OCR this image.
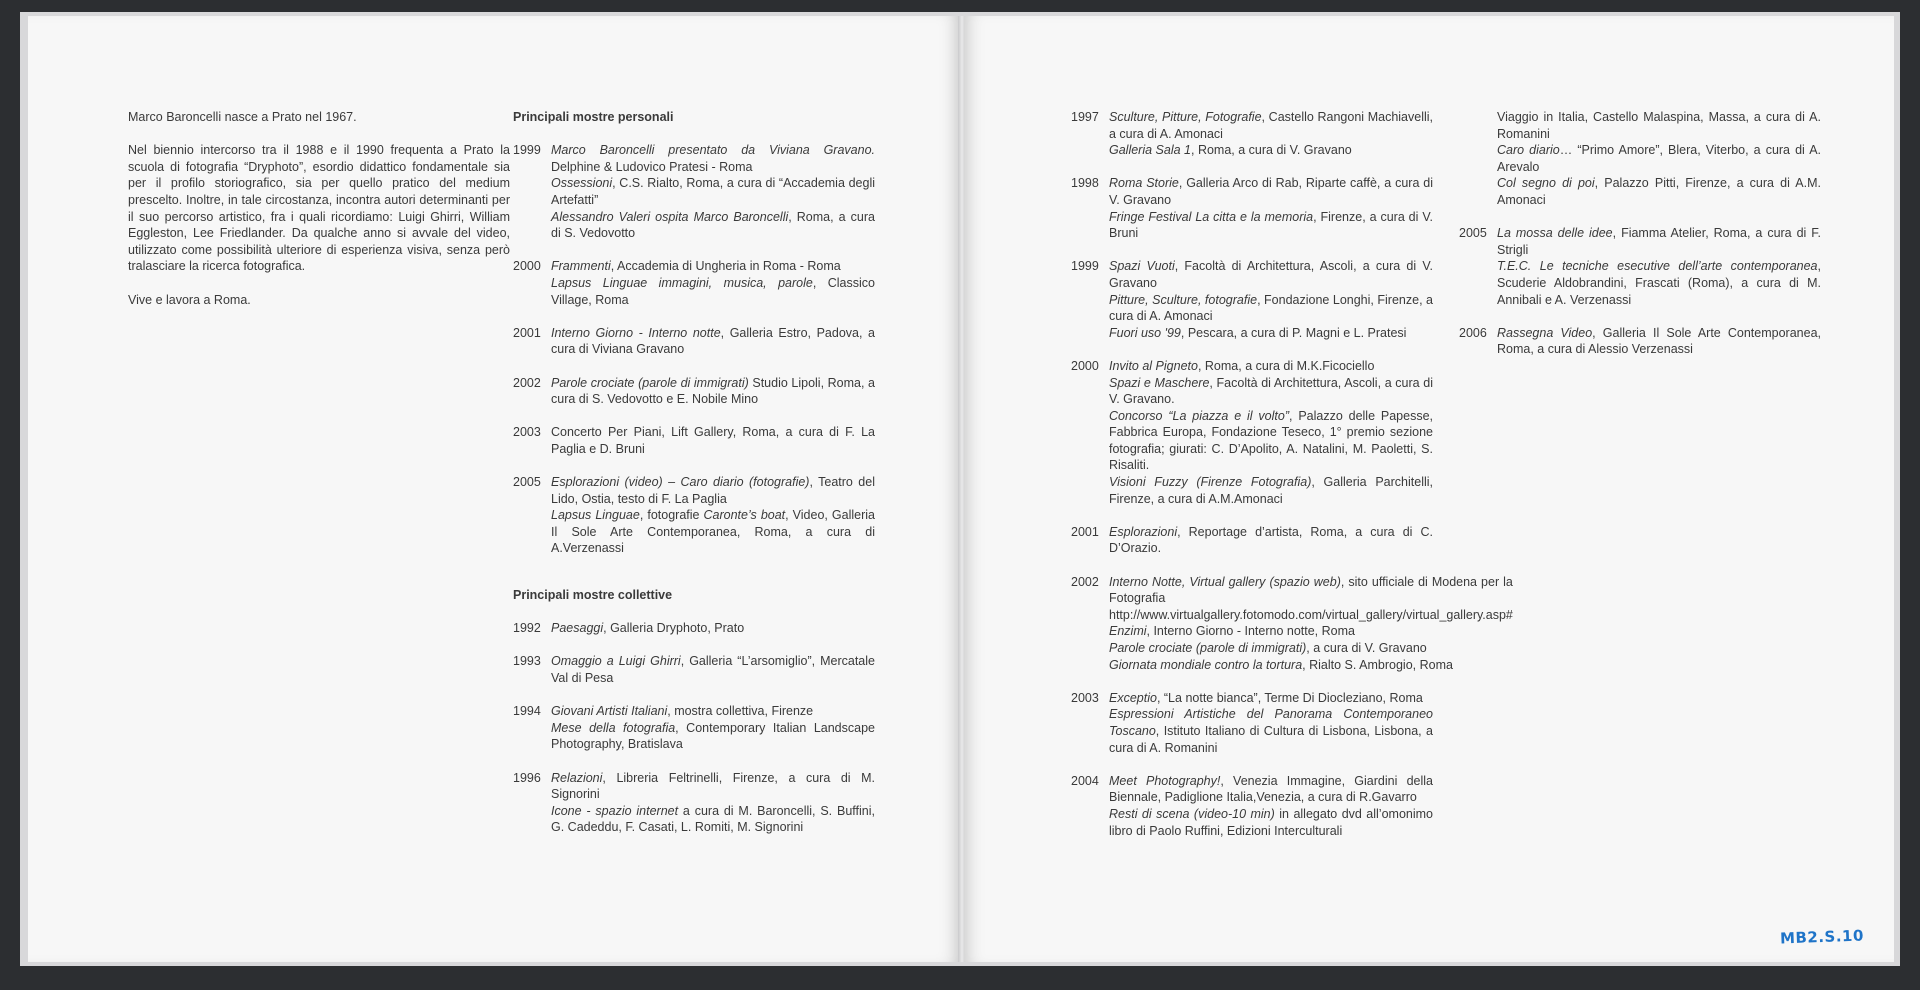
Marco Baroncelli nasce a Prato nel 1967.

Nel biennio intercorso tra il 1988 e il 1990 frequenta a Prato la scuola di fotografia “Dryphoto”, esordio didattico fondamentale sia per il profilo storiografico, sia per quello pratico del medium prescelto. Inoltre, in tale circostanza, incontra autori determinanti per il suo percorso artistico, fra i quali ricordiamo: Luigi Ghirri, William Eggleston, Lee Friedlander. Da qualche anno si avvale del video, utilizzato come possibilità ulteriore di esperienza visiva, senza però tralasciare la ricerca fotografica.

Vive e lavora a Roma.

Principali mostre personali
1999 Marco Baroncelli presentato da Viviana Gravano. Delphine & Ludovico Pratesi - Roma
Ossessioni, C.S. Rialto, Roma, a cura di “Accademia degli Artefatti”
Alessandro Valeri ospita Marco Baroncelli, Roma, a cura di S. Vedovotto
2000 Frammenti, Accademia di Ungheria in Roma - Roma
Lapsus Linguae immagini, musica, parole, Classico Village, Roma
2001 Interno Giorno - Interno notte, Galleria Estro, Padova, a cura di Viviana Gravano
2002 Parole crociate (parole di immigrati) Studio Lipoli, Roma, a cura di S. Vedovotto e E. Nobile Mino
2003 Concerto Per Piani, Lift Gallery, Roma, a cura di F. La Paglia e D. Bruni
2005 Esplorazioni (video) – Caro diario (fotografie), Teatro del Lido, Ostia, testo di F. La Paglia
Lapsus Linguae, fotografie Caronte’s boat, Video, Galleria Il Sole Arte Contemporanea, Roma, a cura di A.Verzenassi
Principali mostre collettive
1992 Paesaggi, Galleria Dryphoto, Prato
1993 Omaggio a Luigi Ghirri, Galleria “L’arsomiglio”, Mercatale Val di Pesa
1994 Giovani Artisti Italiani, mostra collettiva, Firenze
Mese della fotografia, Contemporary Italian Landscape Photography, Bratislava
1996 Relazioni, Libreria Feltrinelli, Firenze, a cura di M. Signorini
Icone - spazio internet a cura di M. Baroncelli, S. Buffini, G. Cadeddu, F. Casati, L. Romiti, M. Signorini
1997 Sculture, Pitture, Fotografie, Castello Rangoni Machiavelli, a cura di A. Amonaci
Galleria Sala 1, Roma, a cura di V. Gravano
1998 Roma Storie, Galleria Arco di Rab, Riparte caffè, a cura di V. Gravano
Fringe Festival La citta e la memoria, Firenze, a cura di V. Bruni
1999 Spazi Vuoti, Facoltà di Architettura, Ascoli, a cura di V. Gravano
Pitture, Sculture, fotografie, Fondazione Longhi, Firenze, a cura di A. Amonaci
Fuori uso '99, Pescara, a cura di P. Magni e L. Pratesi
2000 Invito al Pigneto, Roma, a cura di M.K.Ficociello
Spazi e Maschere, Facoltà di Architettura, Ascoli, a cura di V. Gravano.
Concorso “La piazza e il volto”, Palazzo delle Papesse, Fabbrica Europa, Fondazione Teseco, 1° premio sezione fotografia; giurati: C. D’Apolito, A. Natalini, M. Paoletti, S. Risaliti.
Visioni Fuzzy (Firenze Fotografia), Galleria Parchitelli, Firenze, a cura di A.M.Amonaci
2001 Esplorazioni, Reportage d’artista, Roma, a cura di C. D’Orazio.
2002 Interno Notte, Virtual gallery (spazio web), sito ufficiale di Modena per la Fotografia http://www.virtualgallery.fotomodo.com/virtual_gallery/virtual_gallery.asp#
Enzimi, Interno Giorno - Interno notte, Roma
Parole crociate (parole di immigrati), a cura di V. Gravano
Giornata mondiale contro la tortura, Rialto S. Ambrogio, Roma
2003 Exceptio, “La notte bianca”, Terme Di Diocleziano, Roma
Espressioni Artistiche del Panorama Contemporaneo Toscano, Istituto Italiano di Cultura di Lisbona, Lisbona, a cura di A. Romanini
2004 Meet Photography!, Venezia Immagine, Giardini della Biennale, Padiglione Italia,Venezia, a cura di R.Gavarro
Resti di scena (video-10 min) in allegato dvd all’omonimo libro di Paolo Ruffini, Edizioni Interculturali
Viaggio in Italia, Castello Malaspina, Massa, a cura di A. Romanini
Caro diario… “Primo Amore”, Blera, Viterbo, a cura di A. Arevalo
Col segno di poi, Palazzo Pitti, Firenze, a cura di A.M. Amonaci
2005 La mossa delle idee, Fiamma Atelier, Roma, a cura di F. Strigli
T.E.C. Le tecniche esecutive dell’arte contemporanea, Scuderie Aldobrandini, Frascati (Roma), a cura di M. Annibali e A. Verzenassi
2006 Rassegna Video, Galleria Il Sole Arte Contemporanea, Roma, a cura di Alessio Verzenassi
MB2.S.10
